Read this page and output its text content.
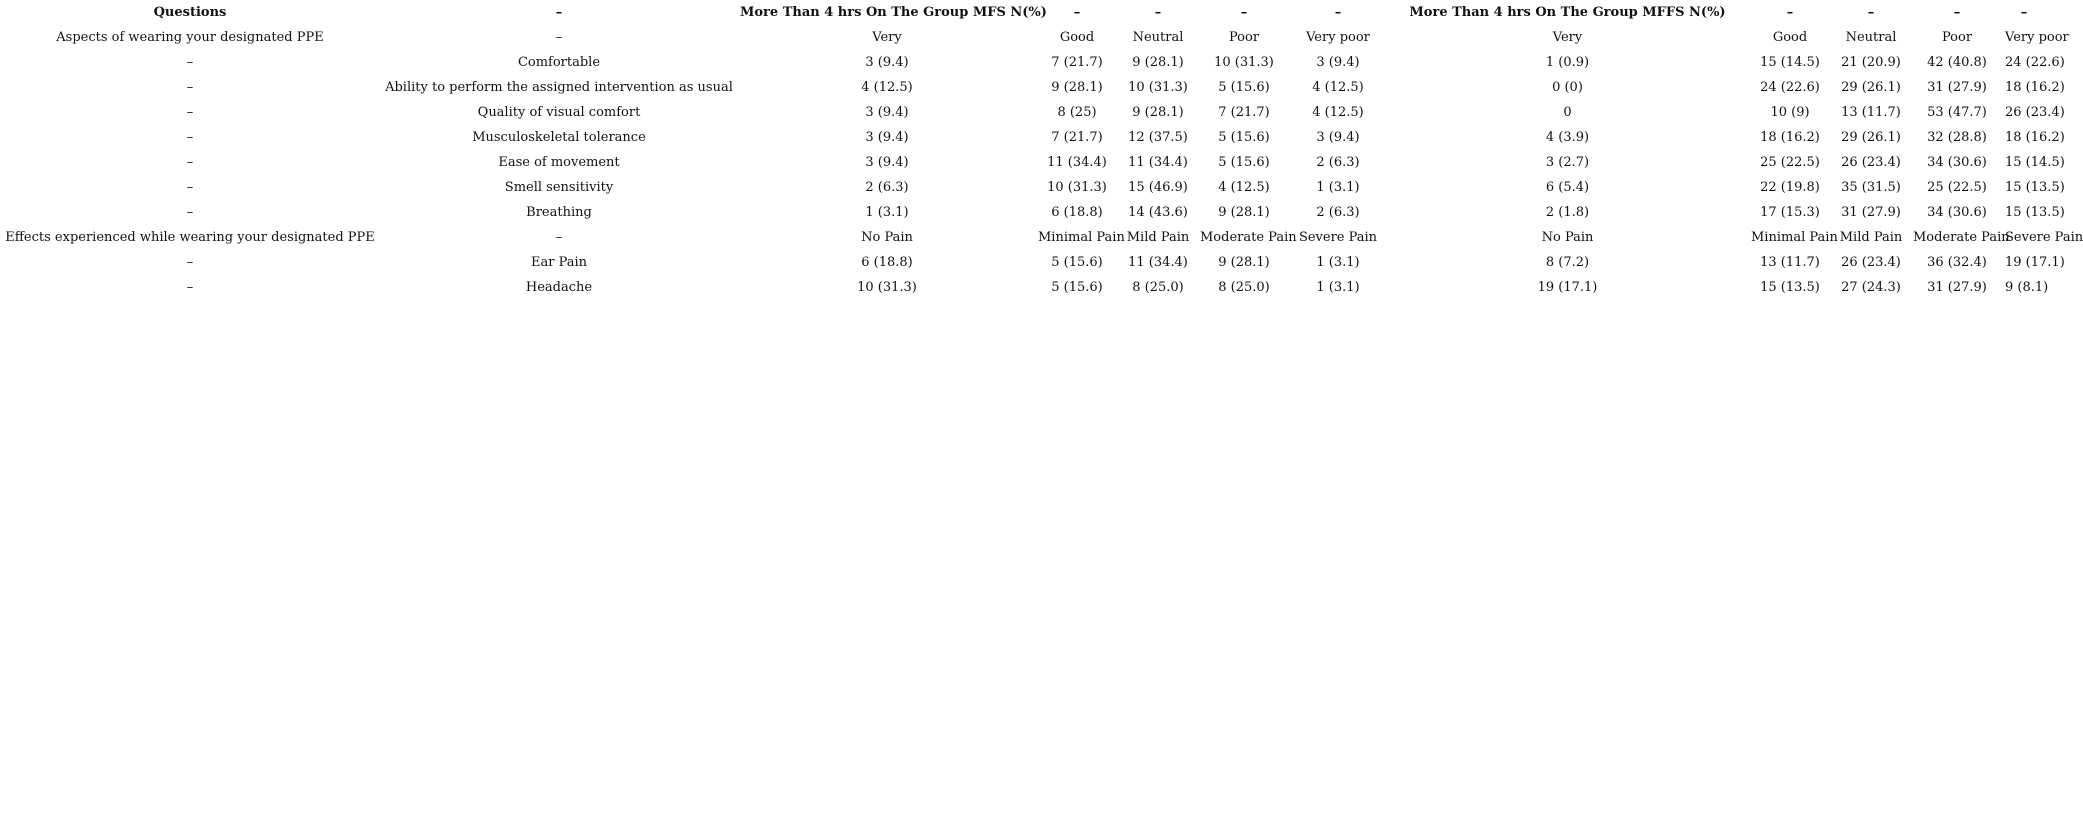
Questions	–	More Than 4 hrs On The Group MFS N(%)	–	–	–	–	More Than 4 hrs On The Group MFFS N(%)	–	–	–	–
Aspects of wearing your designated PPE	–	Very	Good	Neutral	Poor	Very poor	Very	Good	Neutral	Poor	Very poor
–	Comfortable	3 (9.4)	7 (21.7)	9 (28.1)	10 (31.3)	3 (9.4)	1 (0.9)	15 (14.5)	21 (20.9)	42 (40.8)	24 (22.6)
–	Ability to perform the assigned intervention as usual	4 (12.5)	9 (28.1)	10 (31.3)	5 (15.6)	4 (12.5)	0 (0)	24 (22.6)	29 (26.1)	31 (27.9)	18 (16.2)
–	Quality of visual comfort	3 (9.4)	8 (25)	9 (28.1)	7 (21.7)	4 (12.5)	0	10 (9)	13 (11.7)	53 (47.7)	26 (23.4)
–	Musculoskeletal tolerance	3 (9.4)	7 (21.7)	12 (37.5)	5 (15.6)	3 (9.4)	4 (3.9)	18 (16.2)	29 (26.1)	32 (28.8)	18 (16.2)
–	Ease of movement	3 (9.4)	11 (34.4)	11 (34.4)	5 (15.6)	2 (6.3)	3 (2.7)	25 (22.5)	26 (23.4)	34 (30.6)	15 (14.5)
–	Smell sensitivity	2 (6.3)	10 (31.3)	15 (46.9)	4 (12.5)	1 (3.1)	6 (5.4)	22 (19.8)	35 (31.5)	25 (22.5)	15 (13.5)
–	Breathing	1 (3.1)	6 (18.8)	14 (43.6)	9 (28.1)	2 (6.3)	2 (1.8)	17 (15.3)	31 (27.9)	34 (30.6)	15 (13.5)
Effects experienced while wearing your designated PPE	–	No Pain	Minimal Pain	Mild Pain	Moderate Pain	Severe Pain	No Pain	Minimal Pain	Mild Pain	Moderate Pain	Severe Pain
–	Ear Pain	6 (18.8)	5 (15.6)	11 (34.4)	9 (28.1)	1 (3.1)	8 (7.2)	13 (11.7)	26 (23.4)	36 (32.4)	19 (17.1)
–	Headache	10 (31.3)	5 (15.6)	8 (25.0)	8 (25.0)	1 (3.1)	19 (17.1)	15 (13.5)	27 (24.3)	31 (27.9)	9 (8.1)
